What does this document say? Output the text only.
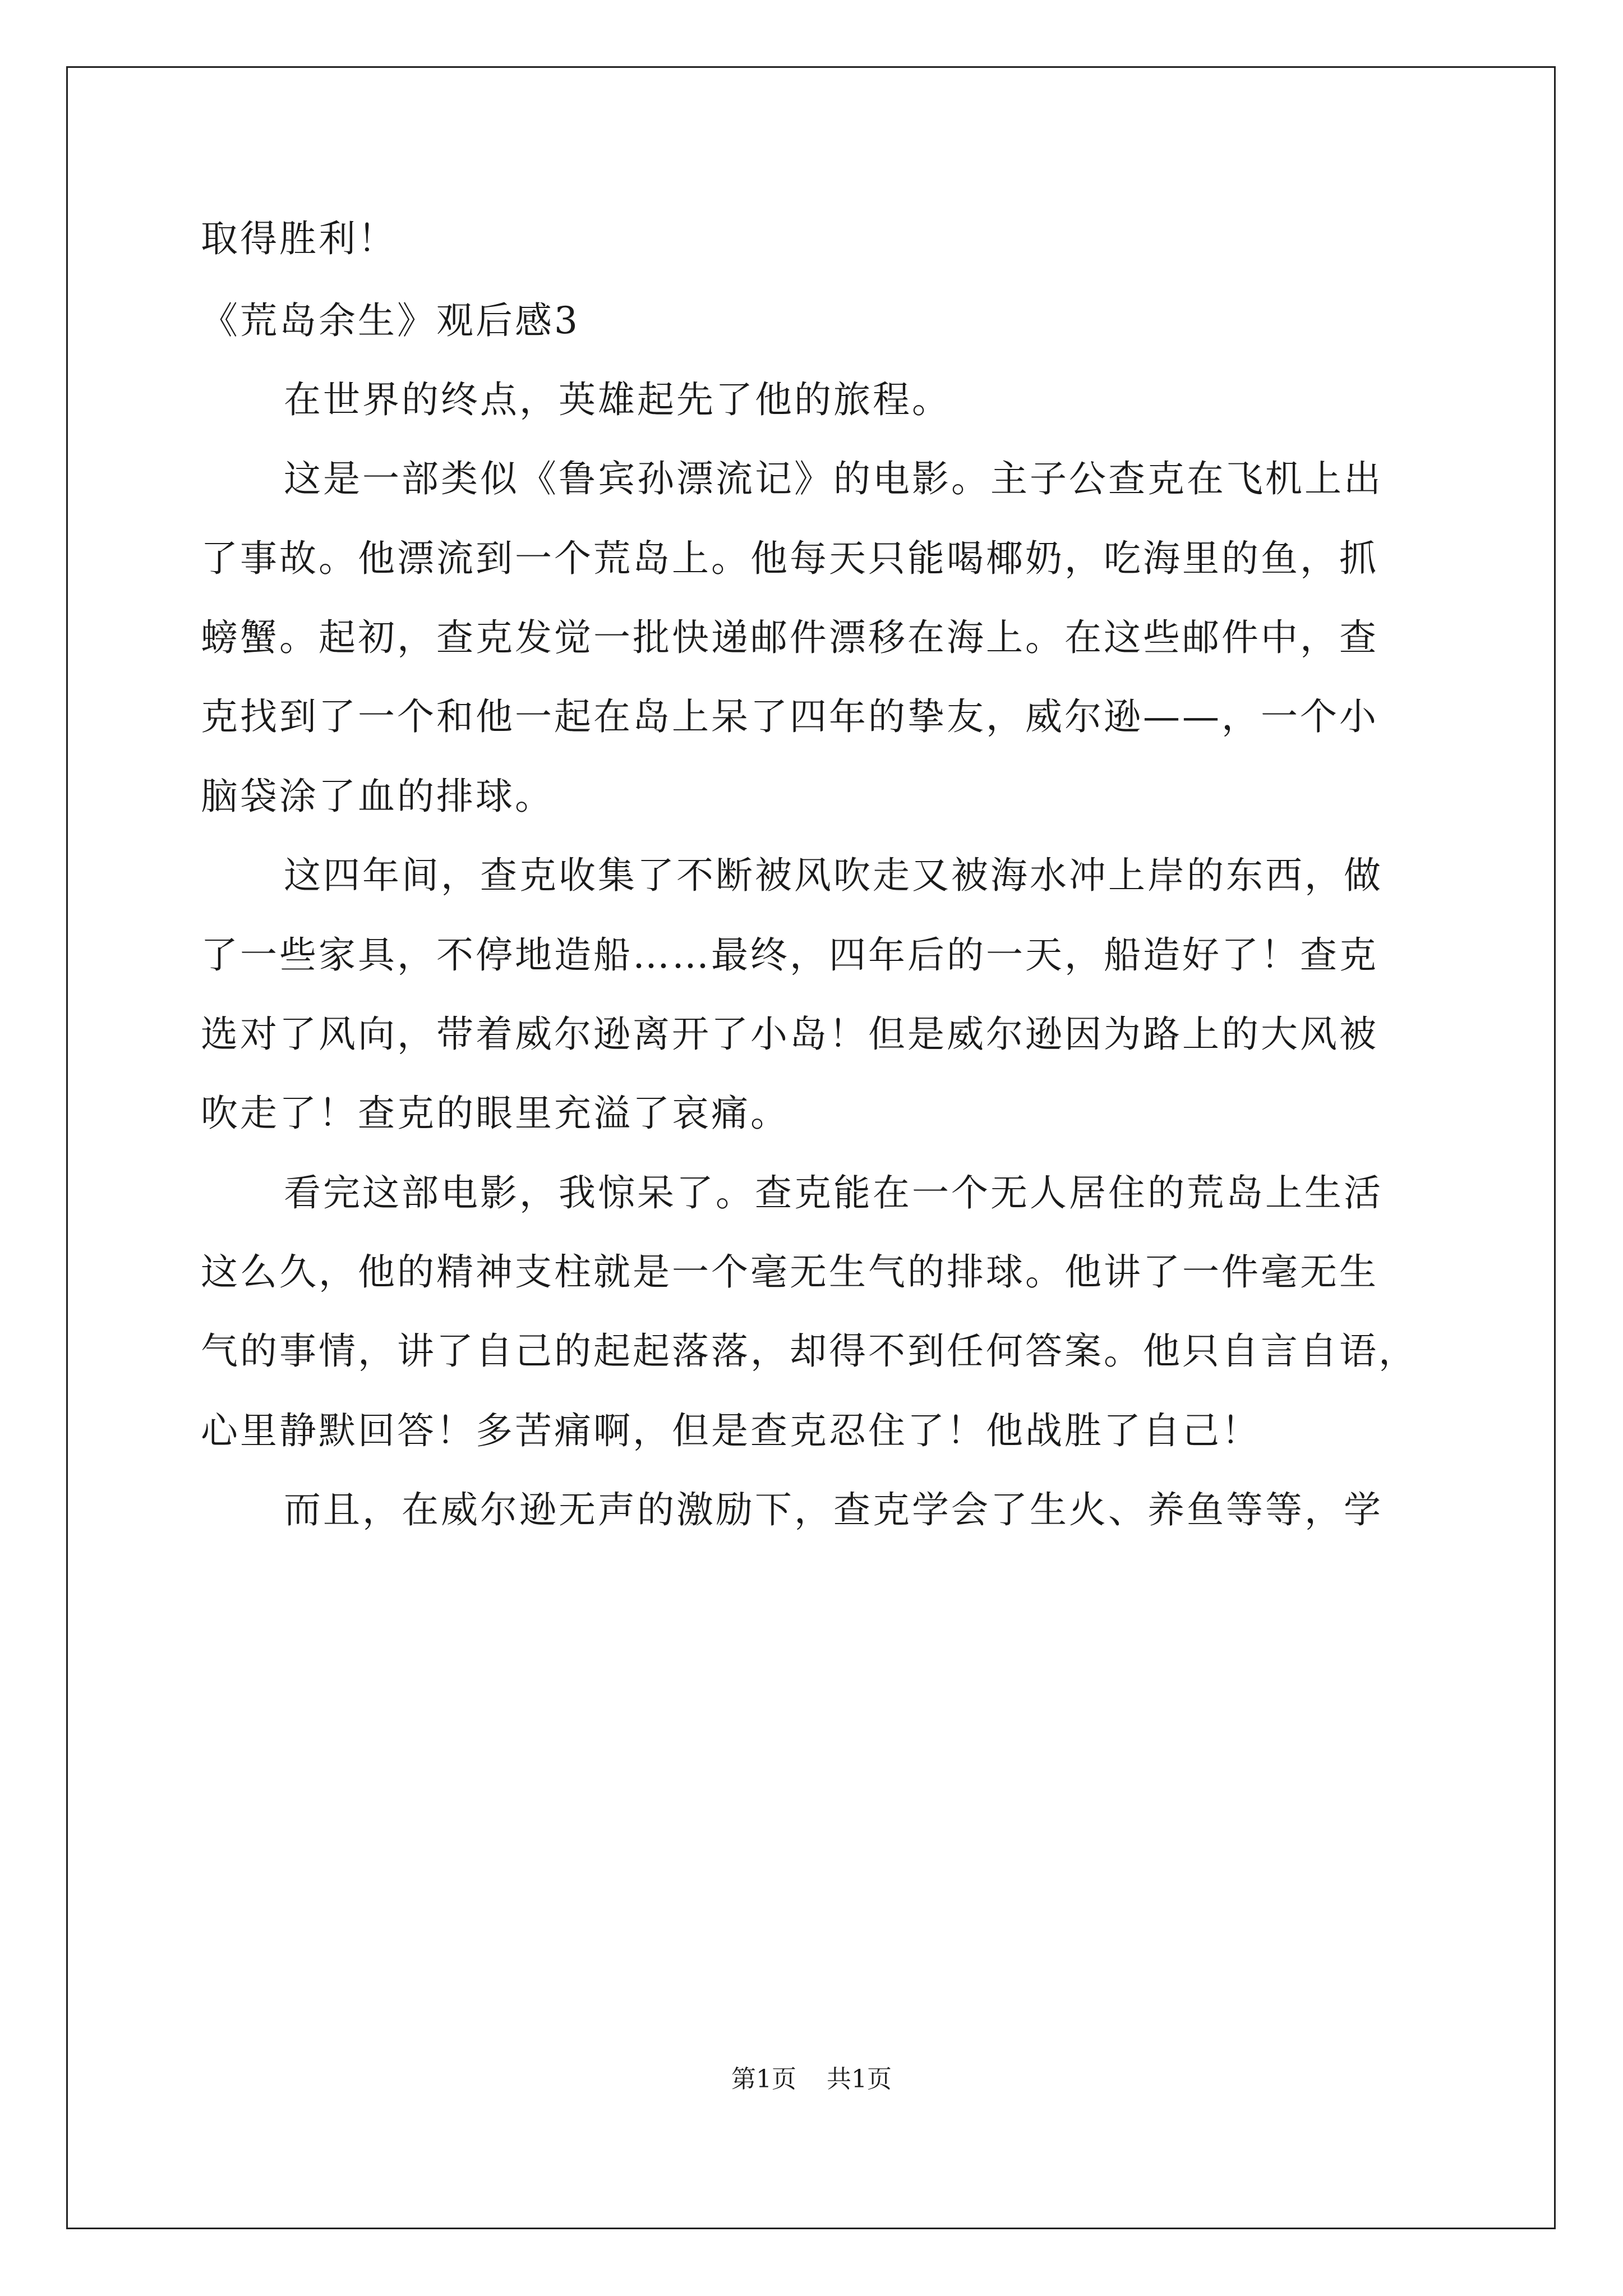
取得胜利！
《荒岛余生》观后感3
在世界的终点，英雄起先了他的旅程。
这是一部类似《鲁宾孙漂流记》的电影。主子公查克在飞机上出
了事故。他漂流到一个荒岛上。他每天只能喝椰奶，吃海里的鱼，抓
螃蟹。起初，查克发觉一批快递邮件漂移在海上。在这些邮件中，查
克找到了一个和他一起在岛上呆了四年的挚友，威尔逊——，一个小
脑袋涂了血的排球。
这四年间，查克收集了不断被风吹走又被海水冲上岸的东西，做
了一些家具，不停地造船……最终，四年后的一天，船造好了！查克
选对了风向，带着威尔逊离开了小岛！但是威尔逊因为路上的大风被
吹走了！查克的眼里充溢了哀痛。
看完这部电影，我惊呆了。查克能在一个无人居住的荒岛上生活
这么久，他的精神支柱就是一个毫无生气的排球。他讲了一件毫无生
气的事情，讲了自己的起起落落，却得不到任何答案。他只自言自语，
心里静默回答！多苦痛啊，但是查克忍住了！他战胜了自己！
而且，在威尔逊无声的激励下，查克学会了生火、养鱼等等，学
第1页 共1页
